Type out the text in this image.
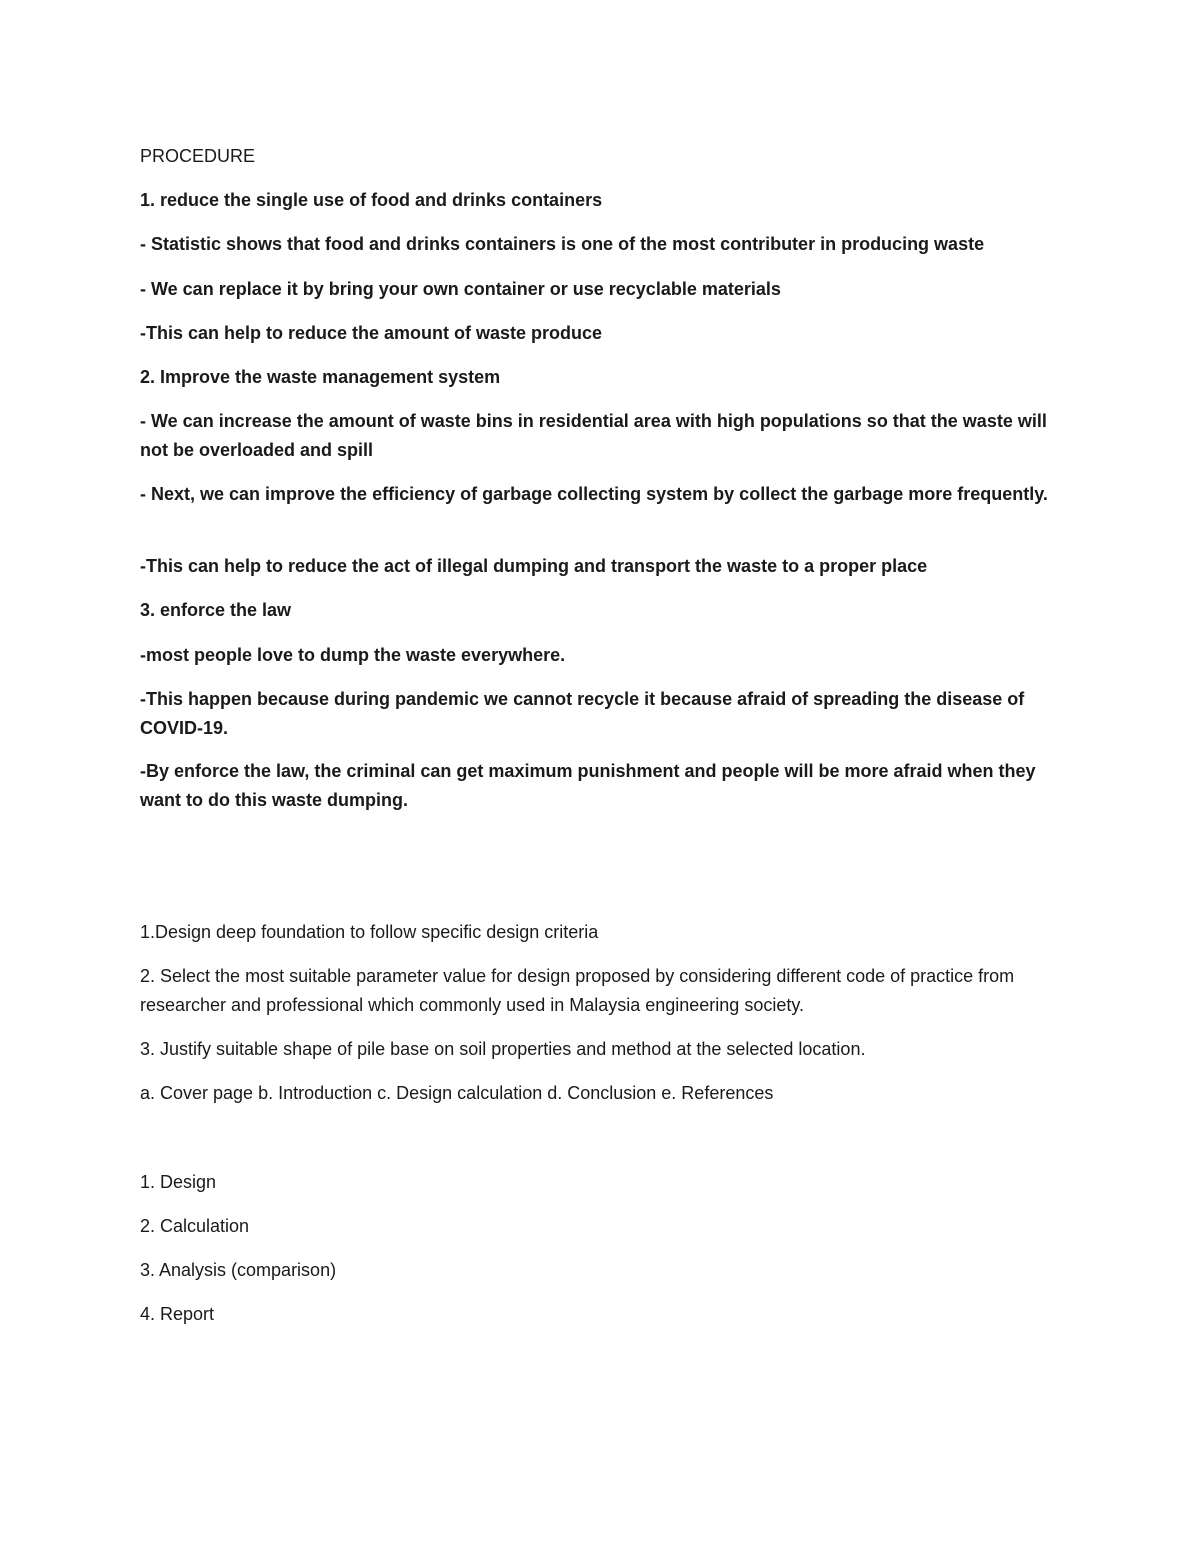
PROCEDURE
1. reduce the single use of food and drinks containers
- Statistic shows that food and drinks containers is one of the most contributer in producing waste
- We can replace it by bring your own container or use recyclable materials
-This can help to reduce the amount of waste produce
2. Improve the waste management system
- We can increase the amount of waste bins in residential area with high populations so that the waste will not be overloaded and spill
- Next, we can improve the efficiency of garbage collecting system by collect the garbage more frequently.
-This can help to reduce the act of illegal dumping and transport the waste to a proper place
3. enforce the law
-most people love to dump the waste everywhere.
-This happen because during pandemic we cannot recycle it because afraid of spreading the disease of COVID-19.
-By enforce the law, the criminal can get maximum punishment and people will be more afraid when they want to do this waste dumping.
1.Design deep foundation to follow specific design criteria
2. Select the most suitable parameter value for design proposed by considering different code of practice from researcher and professional which commonly used in Malaysia engineering society.
3. Justify suitable shape of pile base on soil properties and method at the selected location.
a. Cover page b. Introduction c. Design calculation d. Conclusion e. References
1. Design
2. Calculation
3. Analysis (comparison)
4. Report
